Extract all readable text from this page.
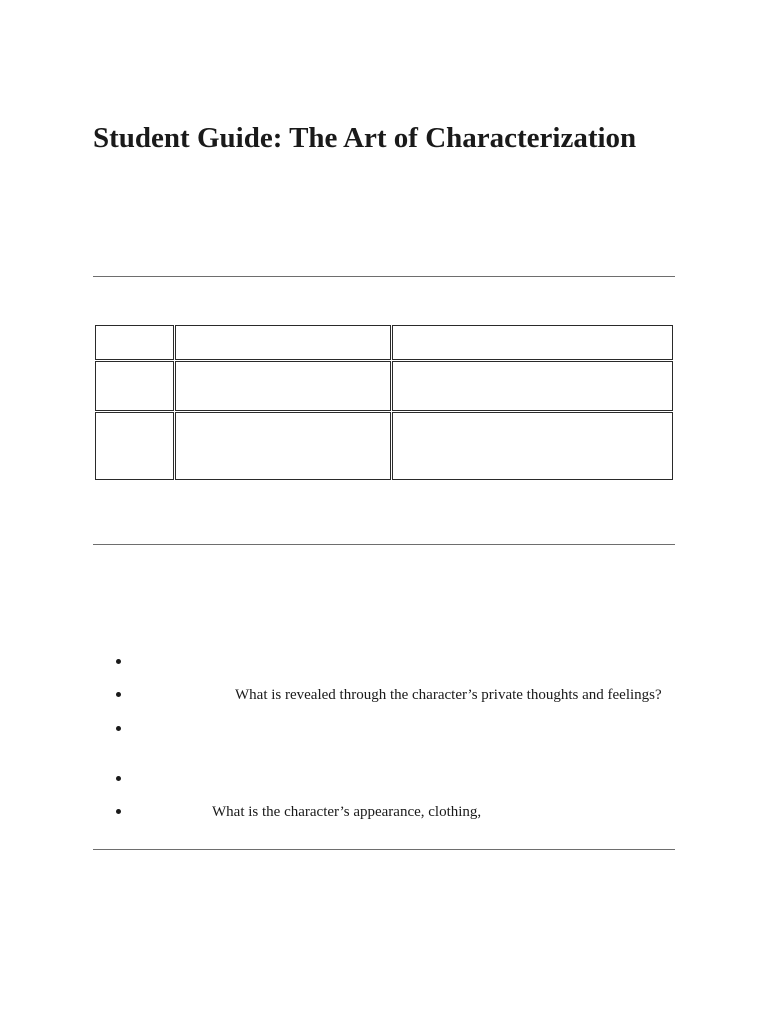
Student Guide: The Art of Characterization
What is revealed through the character’s private thoughts and feelings?
What is the character’s appearance, clothing,
